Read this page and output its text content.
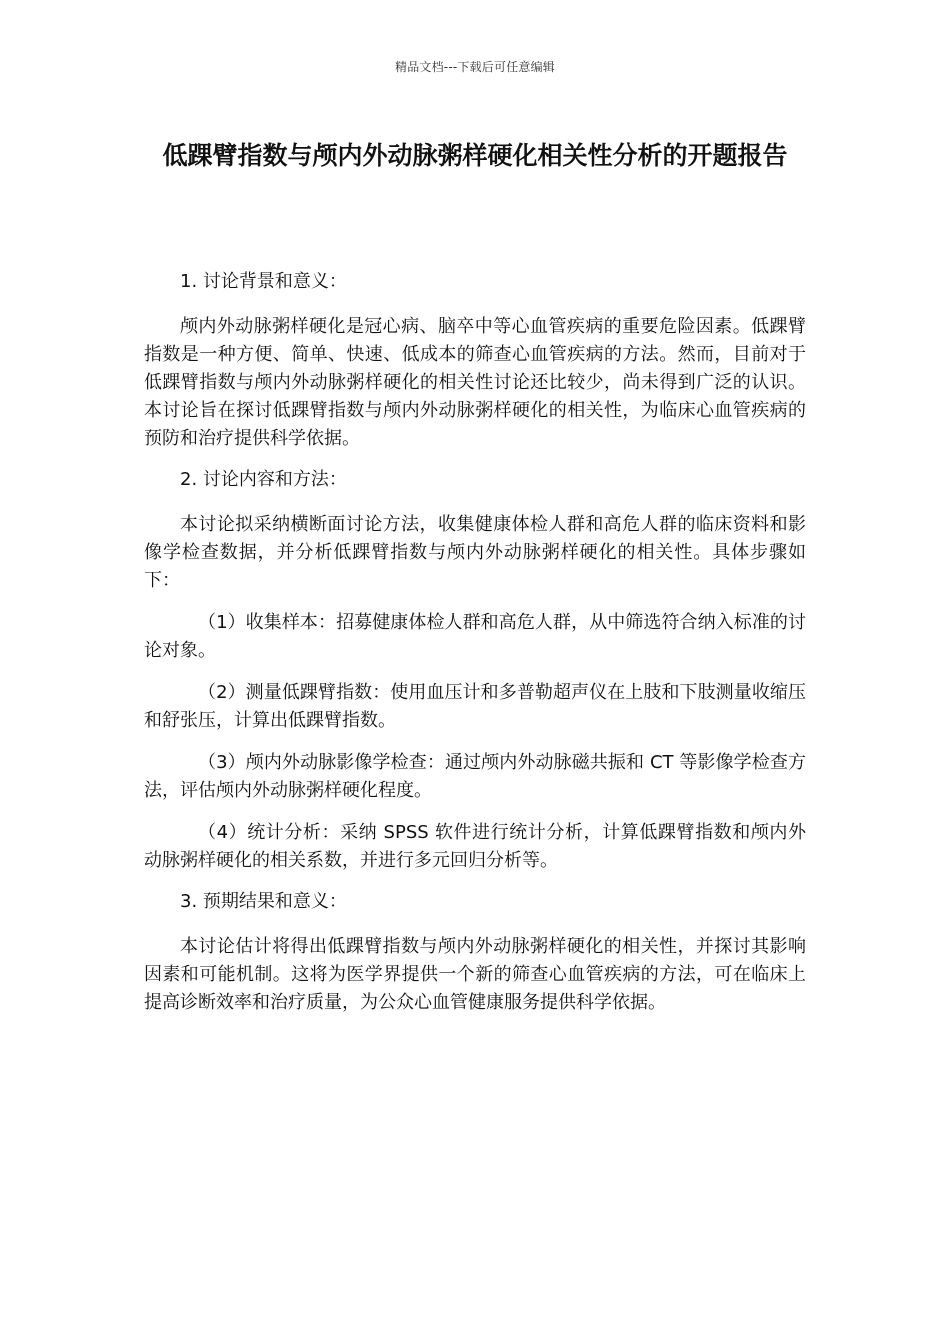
精品文档---下载后可任意编辑
低踝臂指数与颅内外动脉粥样硬化相关性分析的开题报告

1. 讨论背景和意义：

颅内外动脉粥样硬化是冠心病、脑卒中等心血管疾病的重要危险因素。低踝臂指数是一种方便、简单、快速、低成本的筛查心血管疾病的方法。然而，目前对于低踝臂指数与颅内外动脉粥样硬化的相关性讨论还比较少，尚未得到广泛的认识。本讨论旨在探讨低踝臂指数与颅内外动脉粥样硬化的相关性，为临床心血管疾病的预防和治疗提供科学依据。

2. 讨论内容和方法：

本讨论拟采纳横断面讨论方法，收集健康体检人群和高危人群的临床资料和影像学检查数据，并分析低踝臂指数与颅内外动脉粥样硬化的相关性。具体步骤如下：

（1）收集样本：招募健康体检人群和高危人群，从中筛选符合纳入标准的讨论对象。

（2）测量低踝臂指数：使用血压计和多普勒超声仪在上肢和下肢测量收缩压和舒张压，计算出低踝臂指数。

（3）颅内外动脉影像学检查：通过颅内外动脉磁共振和 CT 等影像学检查方法，评估颅内外动脉粥样硬化程度。

（4）统计分析：采纳 SPSS 软件进行统计分析，计算低踝臂指数和颅内外动脉粥样硬化的相关系数，并进行多元回归分析等。

3. 预期结果和意义：

本讨论估计将得出低踝臂指数与颅内外动脉粥样硬化的相关性，并探讨其影响因素和可能机制。这将为医学界提供一个新的筛查心血管疾病的方法，可在临床上提高诊断效率和治疗质量，为公众心血管健康服务提供科学依据。
